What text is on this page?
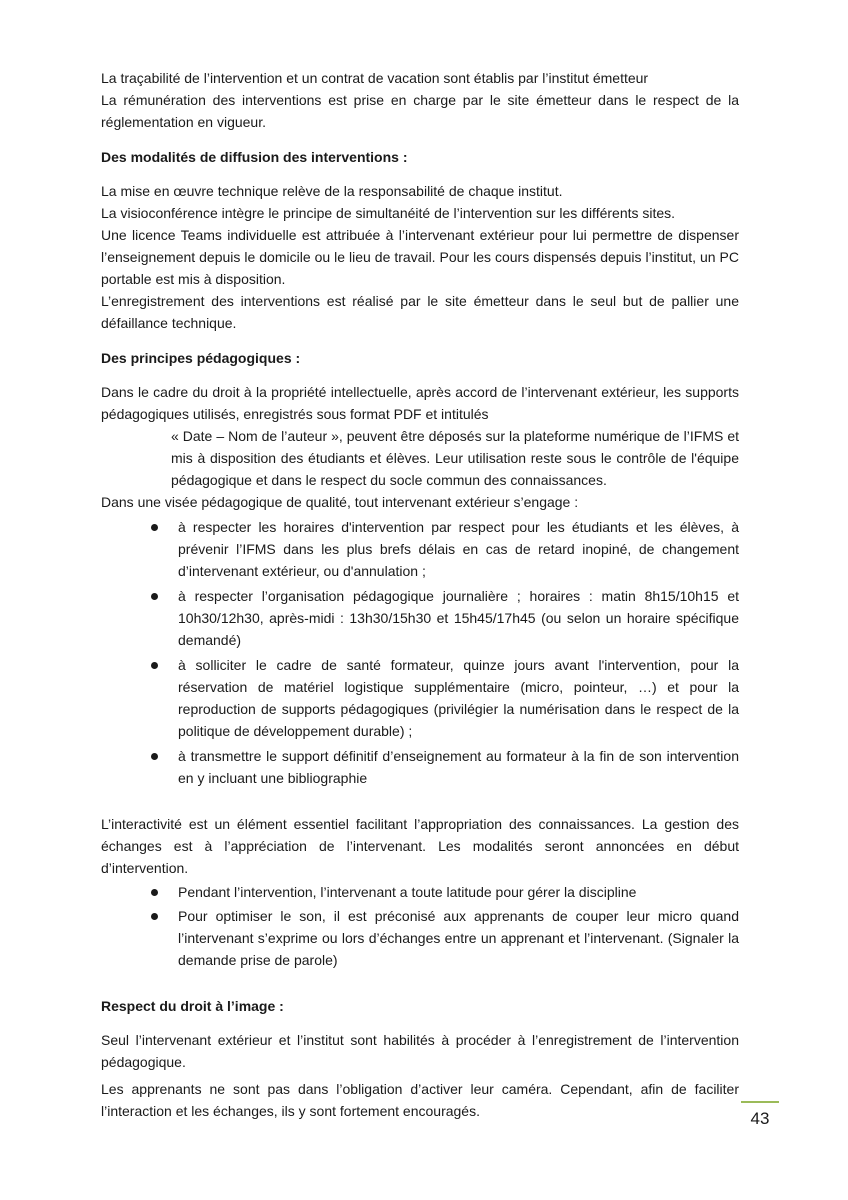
La traçabilité de l’intervention et un contrat de vacation sont établis par l’institut émetteur

La rémunération des interventions est prise en charge par le site émetteur dans le respect de la réglementation en vigueur.

Des modalités de diffusion des interventions :

La mise en œuvre technique relève de la responsabilité de chaque institut.

La visioconférence intègre le principe de simultanéité de l’intervention sur les différents sites.

Une licence Teams individuelle est attribuée à l’intervenant extérieur pour lui permettre de dispenser l’enseignement depuis le domicile ou le lieu de travail. Pour les cours dispensés depuis l’institut, un PC portable est mis à disposition.

L’enregistrement des interventions est réalisé par le site émetteur dans le seul but de pallier une défaillance technique.

Des principes pédagogiques :

Dans le cadre du droit à la propriété intellectuelle, après accord de l’intervenant extérieur, les supports pédagogiques utilisés, enregistrés sous format PDF et intitulés

« Date – Nom de l’auteur », peuvent être déposés sur la plateforme numérique de l’IFMS et mis à disposition des étudiants et élèves. Leur utilisation reste sous le contrôle de l'équipe pédagogique et dans le respect du socle commun des connaissances.

Dans une visée pédagogique de qualité, tout intervenant extérieur s’engage :

à respecter les horaires d'intervention par respect pour les étudiants et les élèves, à prévenir l’IFMS dans les plus brefs délais en cas de retard inopiné, de changement d’intervenant extérieur, ou d'annulation ;
à respecter l’organisation pédagogique journalière ; horaires : matin 8h15/10h15 et 10h30/12h30, après-midi : 13h30/15h30 et 15h45/17h45 (ou selon un horaire spécifique demandé)
à solliciter le cadre de santé formateur, quinze jours avant l'intervention, pour la réservation de matériel logistique supplémentaire (micro, pointeur, …) et pour la reproduction de supports pédagogiques (privilégier la numérisation dans le respect de la politique de développement durable) ;
à transmettre le support définitif d’enseignement au formateur à la fin de son intervention en y incluant une bibliographie

L’interactivité est un élément essentiel facilitant l’appropriation des connaissances. La gestion des échanges est à l’appréciation de l’intervenant. Les modalités seront annoncées en début d’intervention.

Pendant l’intervention, l’intervenant a toute latitude pour gérer la discipline
Pour optimiser le son, il est préconisé aux apprenants de couper leur micro quand l’intervenant s’exprime ou lors d’échanges entre un apprenant et l’intervenant. (Signaler la demande prise de parole)

Respect du droit à l’image :

Seul l’intervenant extérieur et l’institut sont habilités à procéder à l’enregistrement de l’intervention pédagogique.

Les apprenants ne sont pas dans l’obligation d’activer leur caméra. Cependant, afin de faciliter l’interaction et les échanges, ils y sont fortement encouragés.	43
